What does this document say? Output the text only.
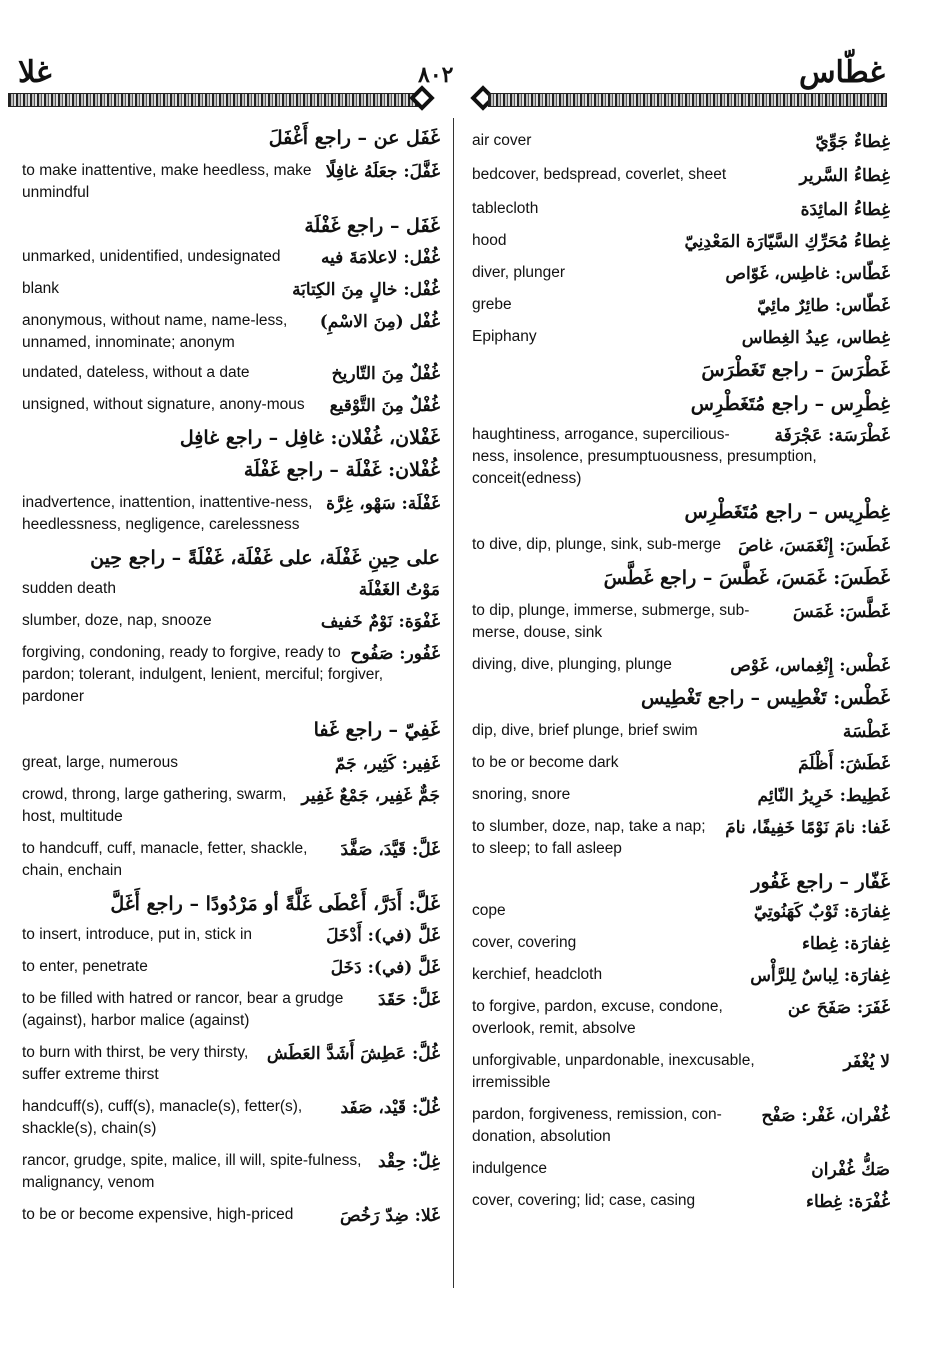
غلا	٨٠٢	غطّاس
غَفَل عن – راجع أَغْفَلَ
غَفَّلَ: جعَلَهُ غافِلًا
to make inattentive, make heedless, make unmindful
غَفَل – راجع غَفْلَة
غُفْل: لاعلامَةَ فيه
unmarked, unidentified, undesignated
غُفْل: خالٍ مِنَ الكِتابَة
blank
غُفْل (مِنَ الاسْمِ)
anonymous, without name, name-less, unnamed, innominate; anonym
غُفْلٌ مِنَ التّاريخ
undated, dateless, without a date
غُفْلٌ مِنَ التَّوْقيع
unsigned, without signature, anony-mous
غَفْلان، غُفْلان: غافِل – راجع غافِل
غُفْلان: غَفْلَة – راجع غَفْلَة
غَفْلَة: سَهْو، غِرَّة
inadvertence, inattention, inattentive-ness, heedlessness, negligence, carelessness
على حِينِ غَفْلَة، على غَفْلَة، غَفْلَةً – راجع حِين
مَوْتُ الغَفْلَة
sudden death
غَفْوَة: نَوْمٌ خَفيف
slumber, doze, nap, snooze
غَفُور: صَفُوح
forgiving, condoning, ready to forgive, ready to pardon; tolerant, indulgent, lenient, merciful; forgiver, pardoner
غَفِيّ – راجع غَفا
غَفِير: كَثِير، جَمّ
great, large, numerous
جَمٌّ غَفِير، جَمْعٌ غَفِير
crowd, throng, large gathering, swarm, host, multitude
غَلَّ: قَيَّدَ، صَفَّدَ
to handcuff, cuff, manacle, fetter, shackle, chain, enchain
غَلَّ: أَدَرَّ، أَعْطَى غَلَّةً أو مَرْدُودًا – راجع أَغَلَّ
غَلَّ (في): أَدْخَلَ
to insert, introduce, put in, stick in
غَلَّ (في): دَخَلَ
to enter, penetrate
غَلَّ: حَقَدَ
to be filled with hatred or rancor, bear a grudge (against), harbor malice (against)
غُلَّ: عَطِشَ أَشَدَّ العَطَش
to burn with thirst, be very thirsty, suffer extreme thirst
غُلّ: قَيْد، صَفَد
handcuff(s), cuff(s), manacle(s), fetter(s), shackle(s), chain(s)
غِلّ: حِقْد
rancor, grudge, spite, malice, ill will, spite-fulness, malignancy, venom
غَلا: ضِدّ رَخُصَ
to be or become expensive, high-priced
غِطاءٌ جَوِّيّ
air cover
غِطاءُ السَّرير
bedcover, bedspread, coverlet, sheet
غِطاءُ المائِدَة
tablecloth
غِطاءُ مُحَرِّكِ السَّيّارَة المَعْدِنِيّ
hood
غَطّاس: غاطِس، غَوّاص
diver, plunger
غَطّاس: طائِرٌ مائِيّ
grebe
غِطاس، عِيدُ الغِطاس
Epiphany
غَطْرَسَ – راجع تَغَطْرَسَ
غِطْرِس – راجع مُتَغَطْرِس
غَطْرَسَة: عَجْرَفَة
haughtiness, arrogance, supercilious-ness, insolence, presumptuousness, presumption, conceit(edness)
غِطْرِيس – راجع مُتَغَطْرِس
غَطَسَ: إِنْغَمَسَ، غاصَ
to dive, dip, plunge, sink, sub-merge
غَطَسَ: غَمَسَ، غَطَّسَ – راجع غَطَّسَ
غَطَّسَ: غَمَسَ
to dip, plunge, immerse, submerge, sub-merse, douse, sink
غَطْس: إِنْغِماس، غَوْص
diving, dive, plunging, plunge
غَطْس: تَغْطِيس – راجع تَغْطِيس
غَطْسَة
dip, dive, brief plunge, brief swim
غَطَشَ: أَظْلَمَ
to be or become dark
غَطِيط: خَرِيرُ النّائِم
snoring, snore
غَفا: نامَ نَوْمًا خَفِيفًا، نامَ
to slumber, doze, nap, take a nap; to sleep; to fall asleep
غَفّار – راجع غَفُور
غِفارَة: ثَوْبٌ كَهَنُوتِيّ
cope
غِفارَة: غِطاء
cover, covering
غِفارَة: لِباسٌ لِلرَّأْس
kerchief, headcloth
غَفَرَ: صَفَحَ عن
to forgive, pardon, excuse, condone, overlook, remit, absolve
لا يُغْفَر
unforgivable, unpardonable, inexcusable, irremissible
غُفْران، غَفْر: صَفْح
pardon, forgiveness, remission, con-donation, absolution
صَكُّ غُفْران
indulgence
غُفْرَة: غِطاء
cover, covering; lid; case, casing
